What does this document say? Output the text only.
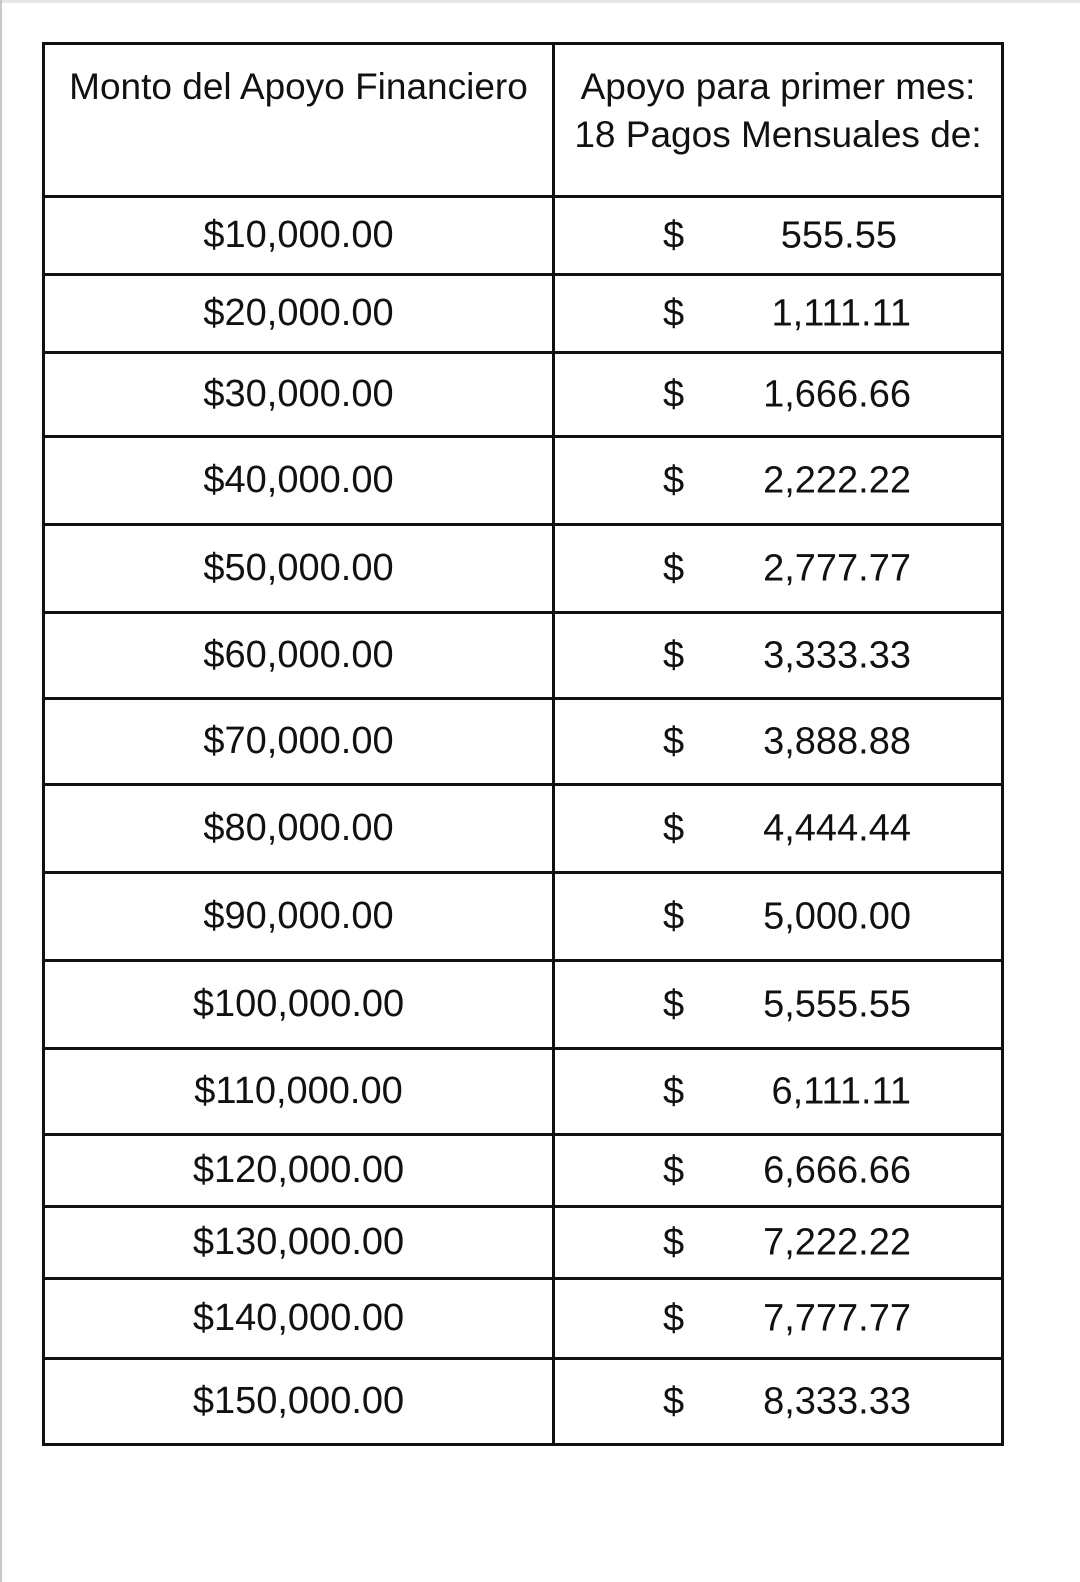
Monto del Apoyo Financiero	Apoyo para primer mes:
18 Pagos Mensuales de:

$10,000.00	$ 555.55

$20,000.00	$ 1,111.11

$30,000.00	$ 1,666.66

$40,000.00	$ 2,222.22

$50,000.00	$ 2,777.77

$60,000.00	$ 3,333.33

$70,000.00	$ 3,888.88

$80,000.00	$ 4,444.44

$90,000.00	$ 5,000.00

$100,000.00	$ 5,555.55

$110,000.00	$ 6,111.11

$120,000.00	$ 6,666.66

$130,000.00	$ 7,222.22

$140,000.00	$ 7,777.77

$150,000.00	$ 8,333.33
